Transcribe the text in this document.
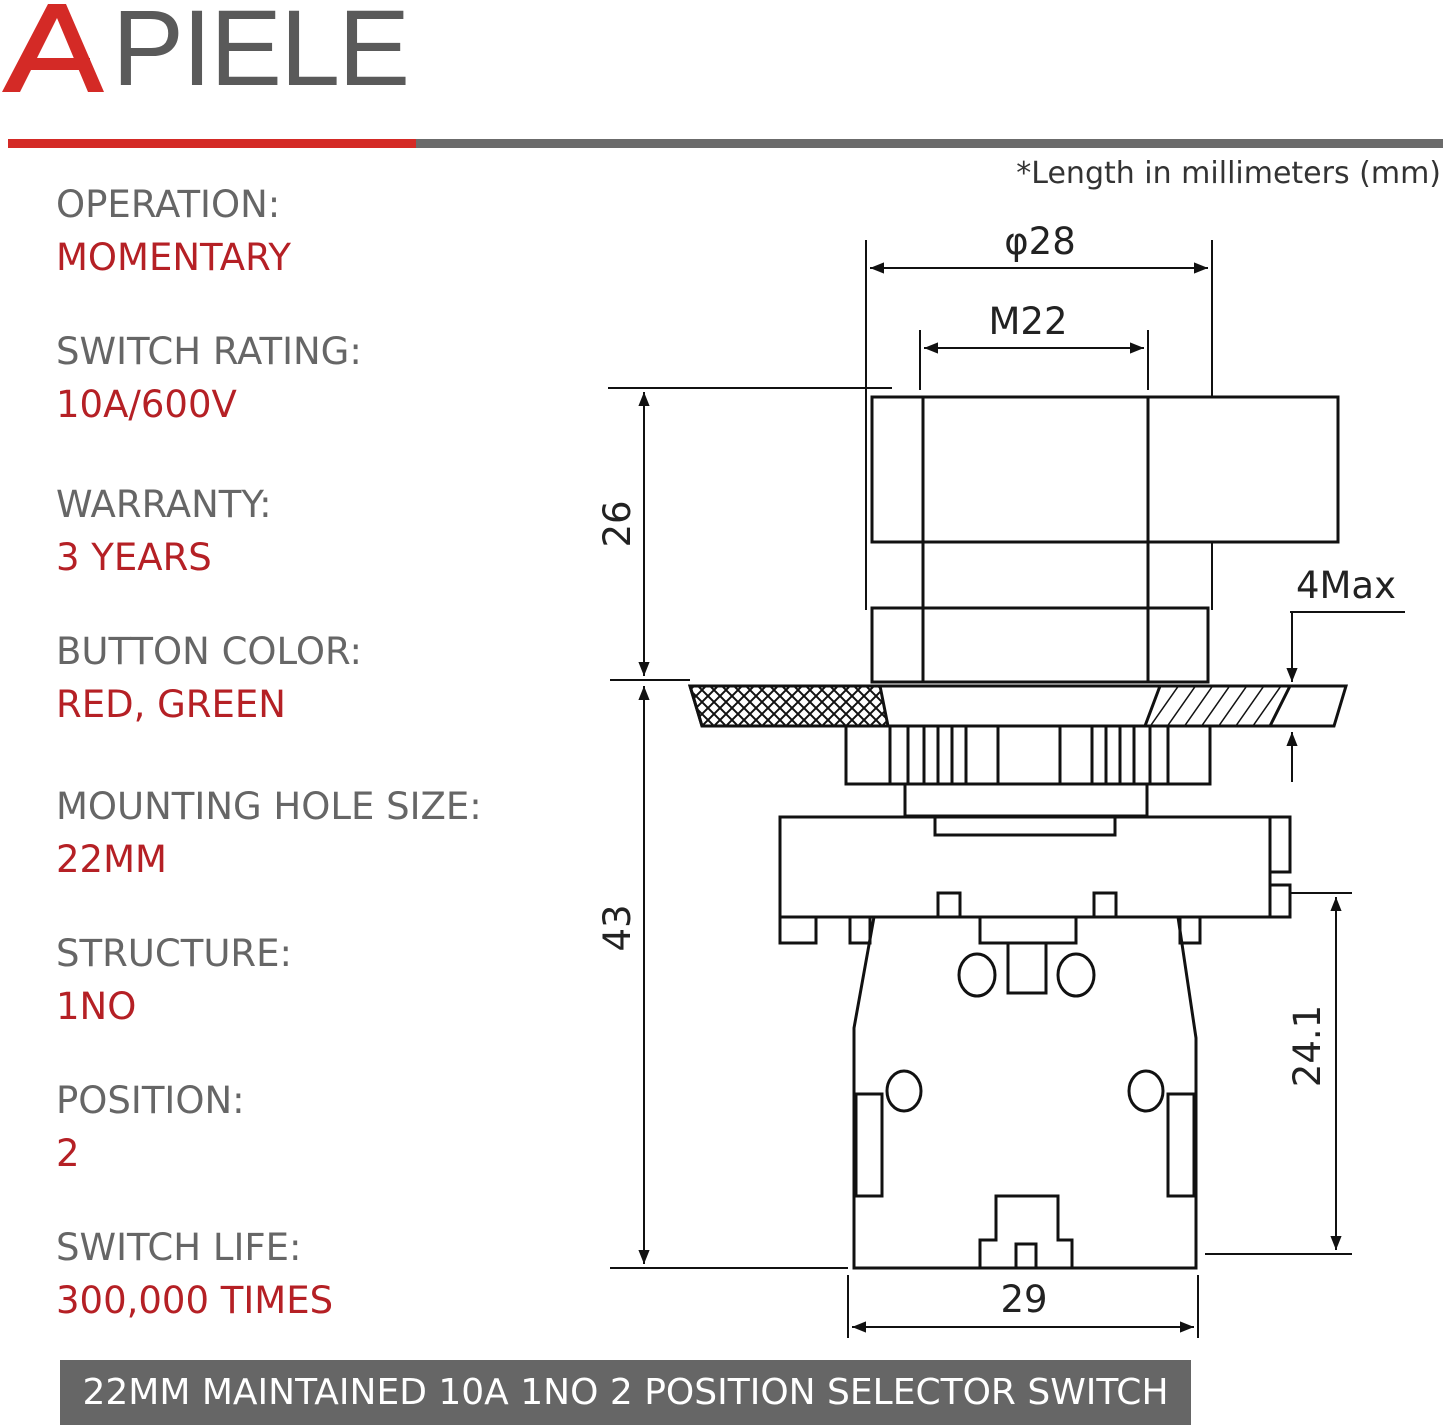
PIELE
*Length in millimeters (mm)
OPERATION:
MOMENTARY
SWITCH RATING:
10A/600V
WARRANTY:
3 YEARS
BUTTON COLOR:
RED, GREEN
MOUNTING HOLE SIZE:
22MM
STRUCTURE:
1NO
POSITION:
2
SWITCH LIFE:
300,000 TIMES
φ28
M22
4Max
29
26
43
24.1
22MM MAINTAINED 10A 1NO 2 POSITION SELECTOR SWITCH
